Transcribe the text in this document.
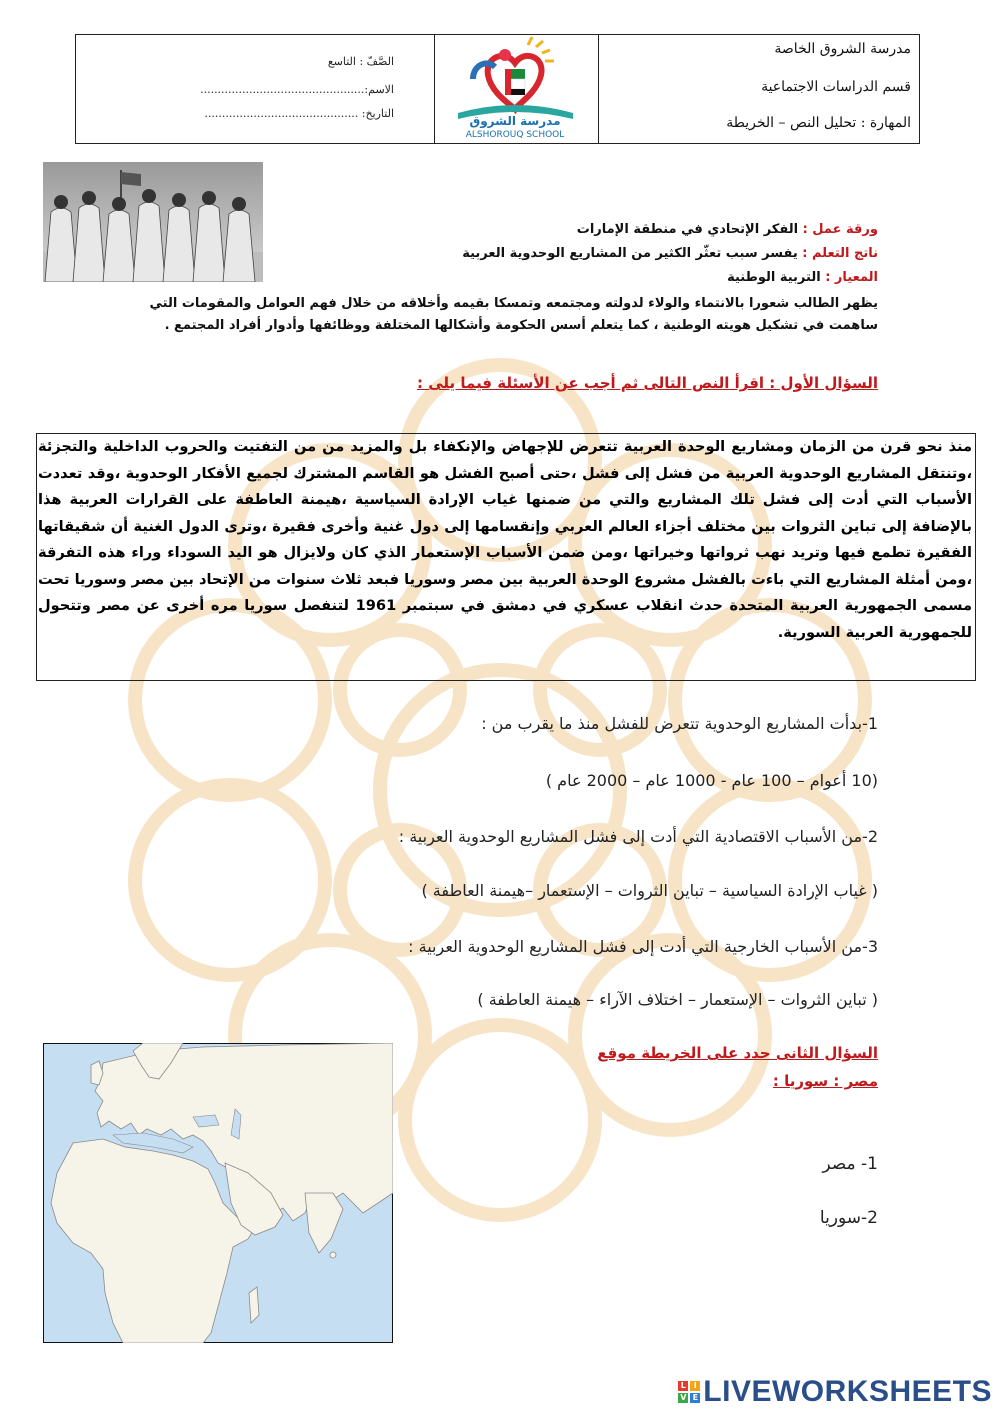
مدرسة الشروق الخاصة
قسم الدراسات الاجتماعية
المهارة : تحليل النص – الخريطة
مدرسة الشروق
ALSHOROUQ SCHOOL
الصَّفّ : التاسع
الاسم:...............................................
التاريخ: ............................................
ورقة عمل : الفكر الإتحادي في منطقة الإمارات
ناتج التعلم : يفسر سبب تعثّر الكثير من المشاريع الوحدوية العربية
المعيار : التربية الوطنية
يظهر الطالب شعورا بالانتماء والولاء لدولته ومجتمعه وتمسكا بقيمه وأخلاقه من خلال فهم العوامل والمقومات التي
ساهمت في تشكيل هويته الوطنية ، كما يتعلم أسس الحكومة وأشكالها المختلفة ووظائفها وأدوار أفراد المجتمع .
السؤال الأول : اقرأ النص التالى ثم أجب عن الأسئلة فيما يلى :
منذ نحو قرن من الزمان ومشاريع الوحدة العربية تتعرض للإجهاض والإنكفاء بل والمزيد من من التفتيت والحروب الداخلية والتجزئة ،وتنتقل المشاريع الوحدوية العربية من فشل إلى فشل ،حتى أصبح الفشل هو القاسم المشترك لجميع الأفكار الوحدوية ،وقد تعددت الأسباب التي أدت إلى فشل تلك المشاريع والتي من ضمنها غياب الإرادة السياسية ،هيمنة العاطفة على القرارات العربية هذا بالإضافة إلى تباين الثروات بين مختلف أجزاء العالم العربي وإنقسامها إلى دول غنية وأخرى فقيرة ،وترى الدول الغنية أن شقيقاتها الفقيرة تطمع فيها وتريد نهب ثرواتها وخيراتها ،ومن ضمن الأسباب الإستعمار الذي كان ولايزال هو اليد السوداء وراء هذه التفرقة ،ومن أمثلة المشاريع التي باءت بالفشل مشروع الوحدة العربية بين مصر وسوريا فبعد ثلاث سنوات من الإتحاد بين مصر وسوريا تحت مسمى الجمهورية العربية المتحدة حدث انقلاب عسكري في دمشق في سبتمبر 1961 لتنفصل سوريا مره أخرى عن مصر وتتحول للجمهورية العربية السورية.
1-بدأت المشاريع الوحدوية تتعرض للفشل منذ ما يقرب من :
(10 أعوام – 100 عام - 1000 عام – 2000 عام )
2-من الأسباب الاقتصادية التي أدت إلى فشل المشاريع الوحدوية العربية :
( غياب الإرادة السياسية – تباين الثروات – الإستعمار –هيمنة العاطفة )
3-من الأسباب الخارجية التي أدت إلى فشل المشاريع الوحدوية العربية :
( تباين الثروات – الإستعمار – اختلاف الآراء – هيمنة العاطفة )
السؤال الثانى حدد على الخريطة موقع
مصر : سوريا :
1- مصر
2-سوريا
L I
V E LIVEWORKSHEETS
